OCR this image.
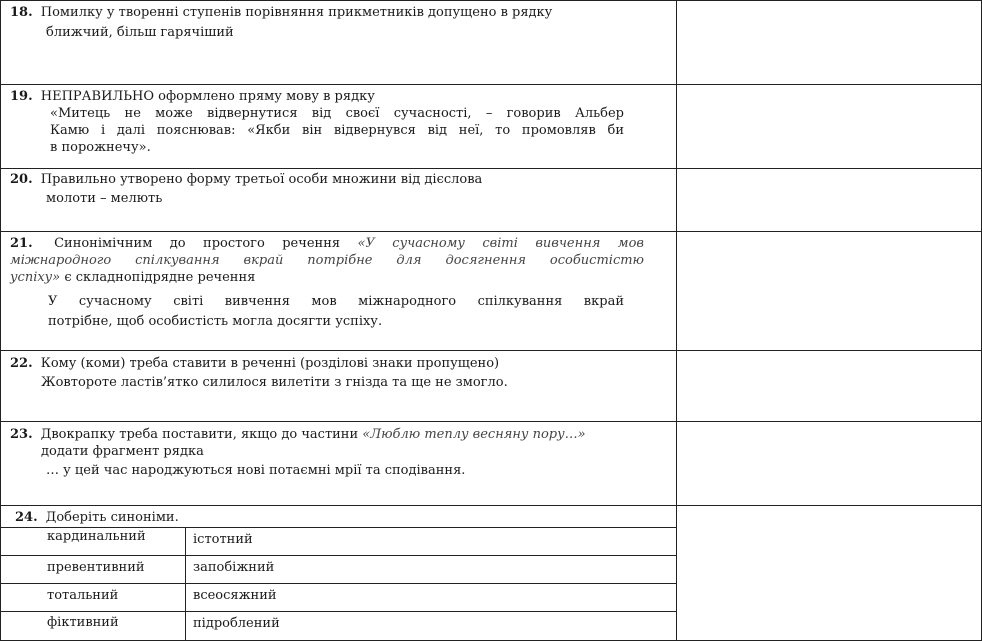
18. Помилку у творенні ступенів порівняння прикметників допущено в рядку
ближчий, більш гарячіший
19. НЕПРАВИЛЬНО оформлено пряму мову в рядку
«Митець не може відвернутися від своєї сучасності, – говорив Альбер
Камю і далі пояснював: «Якби він відвернувся від неї, то промовляв би
в порожнечу».
20. Правильно утворено форму третьої особи множини від дієслова
молоти – мелють
21. Синонімічним до простого речення «У сучасному світі вивчення мов
міжнародного спілкування вкрай потрібне для досягнення особистістю
успіху» є складнопідрядне речення
У сучасному світі вивчення мов міжнародного спілкування вкрай
потрібне, щоб особистість могла досягти успіху.
22. Кому (коми) треба ставити в реченні (розділові знаки пропущено)
Жовтороте ластів’ятко силилося вилетіти з гнізда та ще не змогло.
23. Двокрапку треба поставити, якщо до частини «Люблю теплу весняну пору…»
додати фрагмент рядка
… у цей час народжуються нові потаємні мрії та сподівання.
24. Доберіть синоніми.
кардинальний	істотний
превентивний	запобіжний
тотальний	всеосяжний
фіктивний	підроблений
